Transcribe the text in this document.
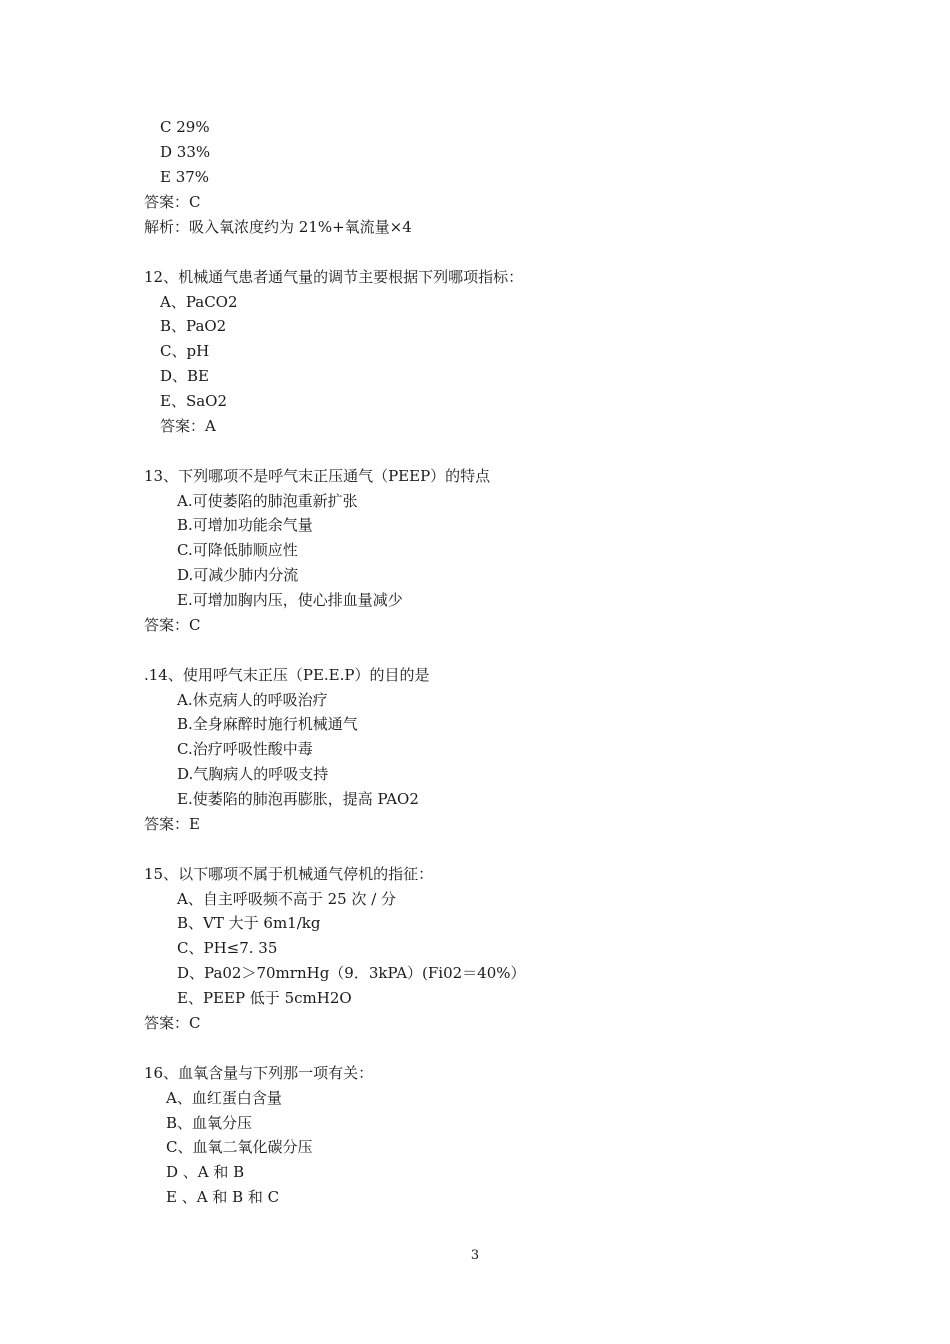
C 29%
D 33%
E 37%
答案：C
解析：吸入氧浓度约为 21%+氧流量×4
12、机械通气患者通气量的调节主要根据下列哪项指标：
A、PaCO2
B、PaO2
C、pH
D、BE
E、SaO2
答案：A
13、下列哪项不是呼气末正压通气（PEEP）的特点
A.可使萎陷的肺泡重新扩张
B.可增加功能余气量
C.可降低肺顺应性
D.可减少肺内分流
E.可增加胸内压，使心排血量减少
答案：C
.14、使用呼气末正压（PE.E.P）的目的是
A.休克病人的呼吸治疗
B.全身麻醉时施行机械通气
C.治疗呼吸性酸中毒
D.气胸病人的呼吸支持
E.使萎陷的肺泡再膨胀，提高 PAO2
答案：E
15、以下哪项不属于机械通气停机的指征：
A、自主呼吸频不高于 25 次 / 分
B、VT 大于 6m1/kg
C、PH≤7. 35
D、Pa02＞70mrnHg（9．3kPA）(Fi02＝40%）
E、PEEP 低于 5cmH2O
答案：C
16、血氧含量与下列那一项有关：
A、血红蛋白含量
B、血氧分压
C、血氧二氧化碳分压
D 、A 和 B
E 、A 和 B 和 C
3
